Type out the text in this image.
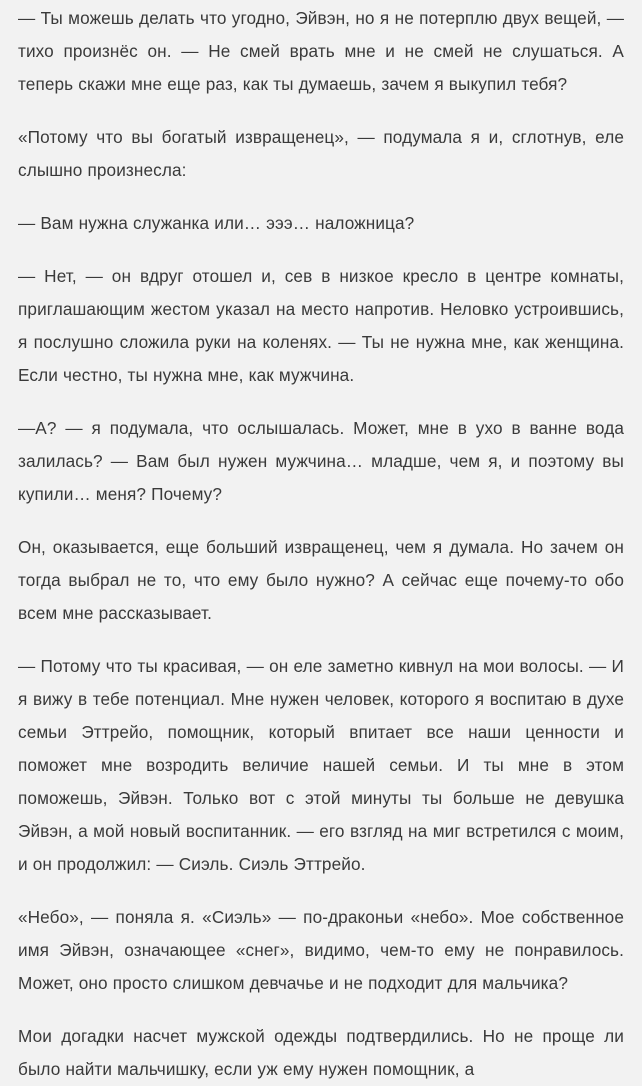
— Ты можешь делать что угодно, Эйвэн, но я не потерплю двух вещей, — тихо произнёс он. — Не смей врать мне и не смей не слушаться. А теперь скажи мне еще раз, как ты думаешь, зачем я выкупил тебя?

«Потому что вы богатый извращенец», — подумала я и, сглотнув, еле слышно произнесла:

— Вам нужна служанка или… эээ… наложница?

— Нет, — он вдруг отошел и, сев в низкое кресло в центре комнаты, приглашающим жестом указал на место напротив. Неловко устроившись, я послушно сложила руки на коленях. — Ты не нужна мне, как женщина. Если честно, ты нужна мне, как мужчина.

—А? — я подумала, что ослышалась. Может, мне в ухо в ванне вода залилась? — Вам был нужен мужчина… младше, чем я, и поэтому вы купили… меня? Почему?

Он, оказывается, еще больший извращенец, чем я думала. Но зачем он тогда выбрал не то, что ему было нужно? А сейчас еще почему-то обо всем мне рассказывает.

— Потому что ты красивая, — он еле заметно кивнул на мои волосы. — И я вижу в тебе потенциал. Мне нужен человек, которого я воспитаю в духе семьи Эттрейо, помощник, который впитает все наши ценности и поможет мне возродить величие нашей семьи. И ты мне в этом поможешь, Эйвэн. Только вот с этой минуты ты больше не девушка Эйвэн, а мой новый воспитанник. — его взгляд на миг встретился с моим, и он продолжил: — Сиэль. Сиэль Эттрейо.

«Небо», — поняла я. «Сиэль» — по-драконьи «небо». Мое собственное имя Эйвэн, означающее «снег», видимо, чем-то ему не понравилось. Может, оно просто слишком девчачье и не подходит для мальчика?

Мои догадки насчет мужской одежды подтвердились. Но не проще ли было найти мальчишку, если уж ему нужен помощник, а
